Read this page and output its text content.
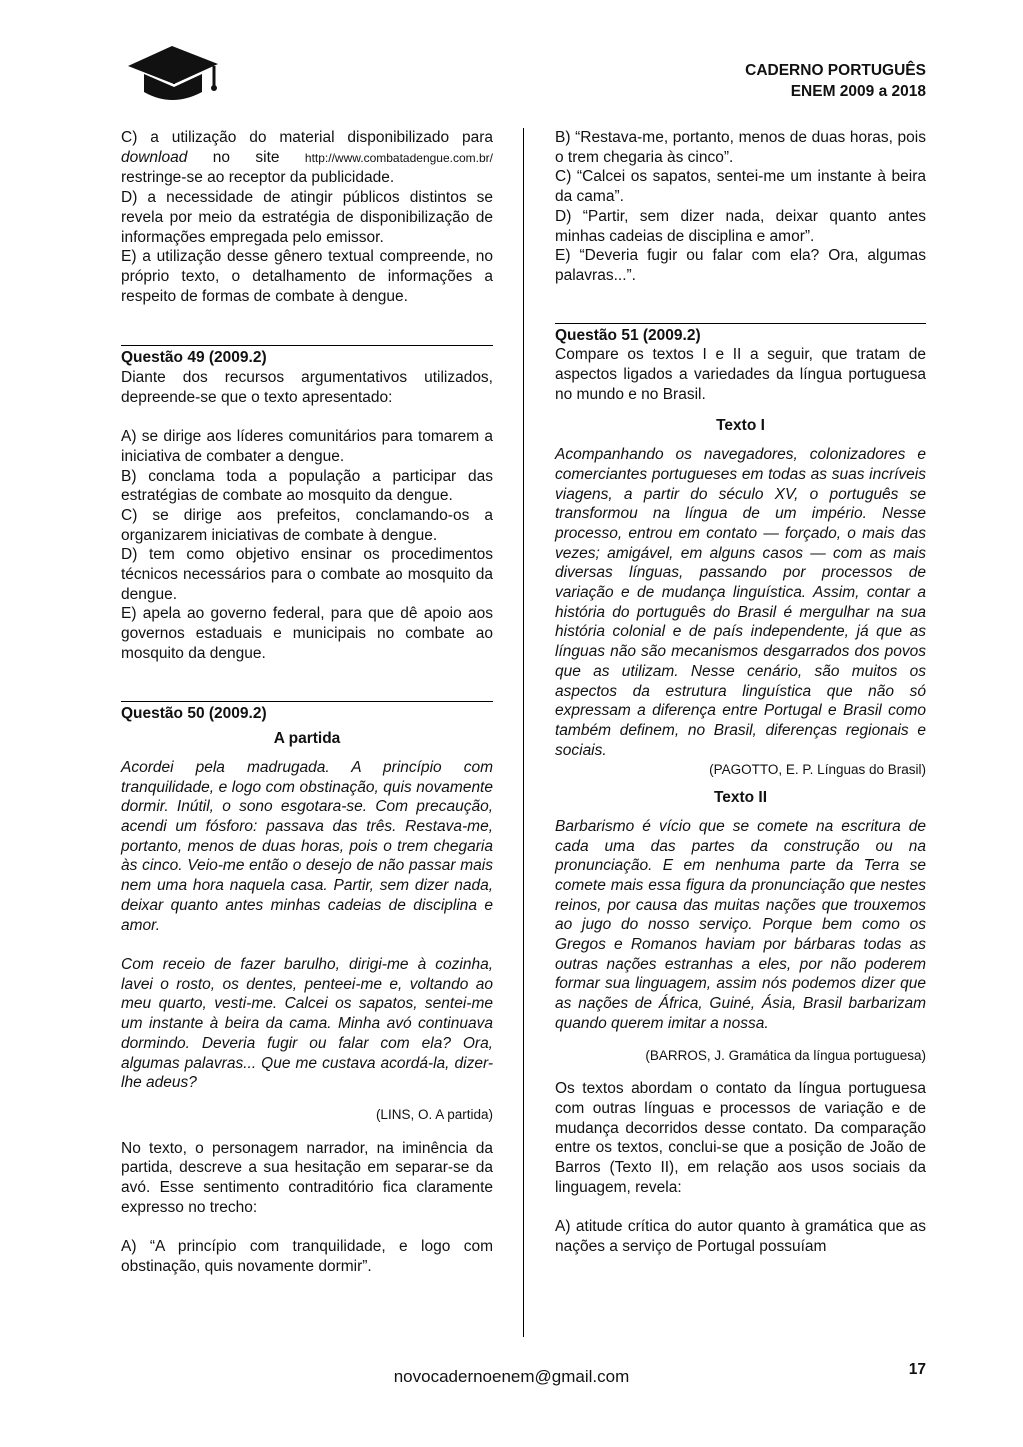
CADERNO PORTUGUÊS
ENEM 2009 a 2018

C) a utilização do material disponibilizado para download no site http://www.combatadengue.com.br/ restringe-se ao receptor da publicidade.

D) a necessidade de atingir públicos distintos se revela por meio da estratégia de disponibilização de informações empregada pelo emissor.

E) a utilização desse gênero textual compreende, no próprio texto, o detalhamento de informações a respeito de formas de combate à dengue.

Questão 49 (2009.2)

Diante dos recursos argumentativos utilizados, depreende-se que o texto apresentado:

A) se dirige aos líderes comunitários para tomarem a iniciativa de combater a dengue.

B) conclama toda a população a participar das estratégias de combate ao mosquito da dengue.

C) se dirige aos prefeitos, conclamando-os a organizarem iniciativas de combate à dengue.

D) tem como objetivo ensinar os procedimentos técnicos necessários para o combate ao mosquito da dengue.

E) apela ao governo federal, para que dê apoio aos governos estaduais e municipais no combate ao mosquito da dengue.

Questão 50 (2009.2)

A partida

Acordei pela madrugada. A princípio com tranquilidade, e logo com obstinação, quis novamente dormir. Inútil, o sono esgotara-se. Com precaução, acendi um fósforo: passava das três. Restava-me, portanto, menos de duas horas, pois o trem chegaria às cinco. Veio-me então o desejo de não passar mais nem uma hora naquela casa. Partir, sem dizer nada, deixar quanto antes minhas cadeias de disciplina e amor.

Com receio de fazer barulho, dirigi-me à cozinha, lavei o rosto, os dentes, penteei-me e, voltando ao meu quarto, vesti-me. Calcei os sapatos, sentei-me um instante à beira da cama. Minha avó continuava dormindo. Deveria fugir ou falar com ela? Ora, algumas palavras... Que me custava acordá-la, dizer-lhe adeus?

(LINS, O. A partida)

No texto, o personagem narrador, na iminência da partida, descreve a sua hesitação em separar-se da avó. Esse sentimento contraditório fica claramente expresso no trecho:

A) “A princípio com tranquilidade, e logo com obstinação, quis novamente dormir”.

B) “Restava-me, portanto, menos de duas horas, pois o trem chegaria às cinco”.

C) “Calcei os sapatos, sentei-me um instante à beira da cama”.

D) “Partir, sem dizer nada, deixar quanto antes minhas cadeias de disciplina e amor”.

E) “Deveria fugir ou falar com ela? Ora, algumas palavras...”.

Questão 51 (2009.2)

Compare os textos I e II a seguir, que tratam de aspectos ligados a variedades da língua portuguesa no mundo e no Brasil.

Texto I

Acompanhando os navegadores, colonizadores e comerciantes portugueses em todas as suas incríveis viagens, a partir do século XV, o português se transformou na língua de um império. Nesse processo, entrou em contato — forçado, o mais das vezes; amigável, em alguns casos — com as mais diversas línguas, passando por processos de variação e de mudança linguística. Assim, contar a história do português do Brasil é mergulhar na sua história colonial e de país independente, já que as línguas não são mecanismos desgarrados dos povos que as utilizam. Nesse cenário, são muitos os aspectos da estrutura linguística que não só expressam a diferença entre Portugal e Brasil como também definem, no Brasil, diferenças regionais e sociais.

(PAGOTTO, E. P. Línguas do Brasil)

Texto II

Barbarismo é vício que se comete na escritura de cada uma das partes da construção ou na pronunciação. E em nenhuma parte da Terra se comete mais essa figura da pronunciação que nestes reinos, por causa das muitas nações que trouxemos ao jugo do nosso serviço. Porque bem como os Gregos e Romanos haviam por bárbaras todas as outras nações estranhas a eles, por não poderem formar sua linguagem, assim nós podemos dizer que as nações de África, Guiné, Ásia, Brasil barbarizam quando querem imitar a nossa.

(BARROS, J. Gramática da língua portuguesa)

Os textos abordam o contato da língua portuguesa com outras línguas e processos de variação e de mudança decorridos desse contato. Da comparação entre os textos, conclui-se que a posição de João de Barros (Texto II), em relação aos usos sociais da linguagem, revela:

A) atitude crítica do autor quanto à gramática que as nações a serviço de Portugal possuíam

novocadernoenem@gmail.com	17
